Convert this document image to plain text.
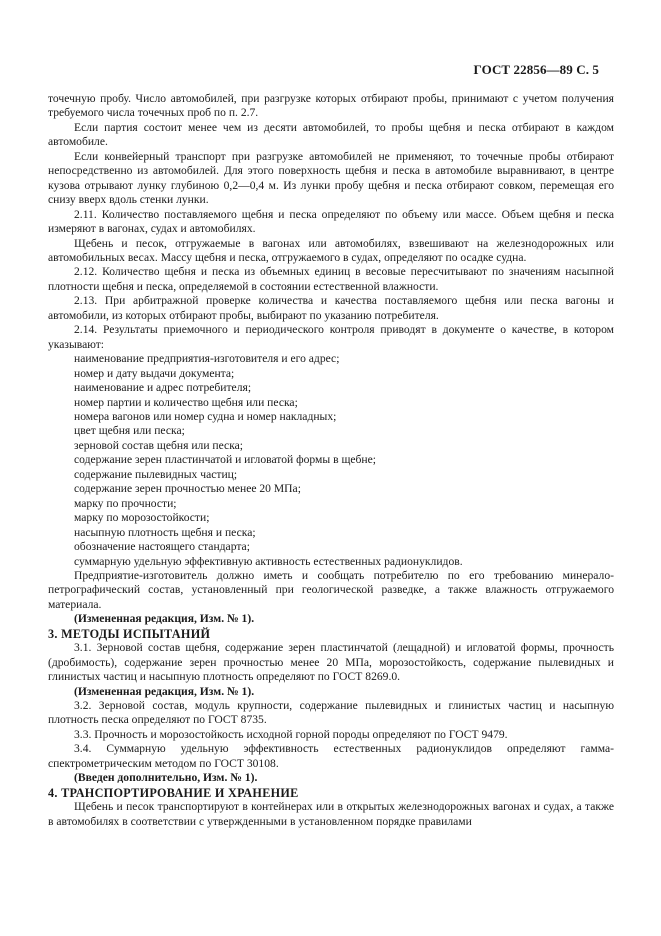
ГОСТ 22856—89 С. 5

точечную пробу. Число автомобилей, при разгрузке которых отбирают пробы, принимают с учетом получения требуемого числа точечных проб по п. 2.7.

Если партия состоит менее чем из десяти автомобилей, то пробы щебня и песка отбирают в каждом автомобиле.

Если конвейерный транспорт при разгрузке автомобилей не применяют, то точечные пробы отбирают непосредственно из автомобилей. Для этого поверхность щебня и песка в автомобиле выравнивают, в центре кузова отрывают лунку глубиною 0,2—0,4 м. Из лунки пробу щебня и песка отбирают совком, перемещая его снизу вверх вдоль стенки лунки.

2.11. Количество поставляемого щебня и песка определяют по объему или массе. Объем щебня и песка измеряют в вагонах, судах и автомобилях.

Щебень и песок, отгружаемые в вагонах или автомобилях, взвешивают на железнодорожных или автомобильных весах. Массу щебня и песка, отгружаемого в судах, определяют по осадке судна.

2.12. Количество щебня и песка из объемных единиц в весовые пересчитывают по значениям насыпной плотности щебня и песка, определяемой в состоянии естественной влажности.

2.13. При арбитражной проверке количества и качества поставляемого щебня или песка вагоны и автомобили, из которых отбирают пробы, выбирают по указанию потребителя.

2.14. Результаты приемочного и периодического контроля приводят в документе о качестве, в котором указывают:

наименование предприятия-изготовителя и его адрес;

номер и дату выдачи документа;

наименование и адрес потребителя;

номер партии и количество щебня или песка;

номера вагонов или номер судна и номер накладных;

цвет щебня или песка;

зерновой состав щебня или песка;

содержание зерен пластинчатой и игловатой формы в щебне;

содержание пылевидных частиц;

содержание зерен прочностью менее 20 МПа;

марку по прочности;

марку по морозостойкости;

насыпную плотность щебня и песка;

обозначение настоящего стандарта;

суммарную удельную эффективную активность естественных радионуклидов.

Предприятие-изготовитель должно иметь и сообщать потребителю по его требованию минерало-петрографический состав, установленный при геологической разведке, а также влажность отгружаемого материала.

(Измененная редакция, Изм. № 1).

3. МЕТОДЫ ИСПЫТАНИЙ

3.1. Зерновой состав щебня, содержание зерен пластинчатой (лещадной) и игловатой формы, прочность (дробимость), содержание зерен прочностью менее 20 МПа, морозостойкость, содержание пылевидных и глинистых частиц и насыпную плотность определяют по ГОСТ 8269.0.

(Измененная редакция, Изм. № 1).

3.2. Зерновой состав, модуль крупности, содержание пылевидных и глинистых частиц и насыпную плотность песка определяют по ГОСТ 8735.

3.3. Прочность и морозостойкость исходной горной породы определяют по ГОСТ 9479.

3.4. Суммарную удельную эффективность естественных радионуклидов определяют гамма-спектрометрическим методом по ГОСТ 30108.

(Введен дополнительно, Изм. № 1).

4. ТРАНСПОРТИРОВАНИЕ И ХРАНЕНИЕ

Щебень и песок транспортируют в контейнерах или в открытых железнодорожных вагонах и судах, а также в автомобилях в соответствии с утвержденными в установленном порядке правилами
